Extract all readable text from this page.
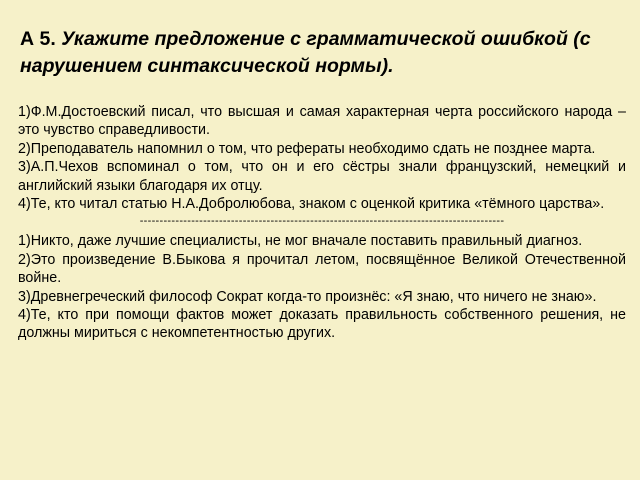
А 5. Укажите предложение с грамматической ошибкой (с нарушением синтаксической нормы).

1)Ф.М.Достоевский писал, что высшая и самая характерная черта российского народа – это чувство справедливости.

2)Преподаватель напомнил о том, что рефераты необходимо сдать не позднее марта.

3)А.П.Чехов вспоминал о том, что он и его сёстры знали французский, немецкий и английский языки благодаря их отцу.

4)Те, кто читал статью Н.А.Добролюбова, знаком с оценкой критика «тёмного царства».

--------------------------------------------------------------------------------------------

1)Никто, даже лучшие специалисты, не мог вначале поставить правильный диагноз.

2)Это произведение В.Быкова я прочитал летом, посвящённое Великой Отечественной войне.

3)Древнегреческий философ Сократ когда-то произнёс: «Я знаю, что ничего не знаю».

4)Те, кто при помощи фактов может доказать правильность собственного решения, не должны мириться с некомпетентностью других.
